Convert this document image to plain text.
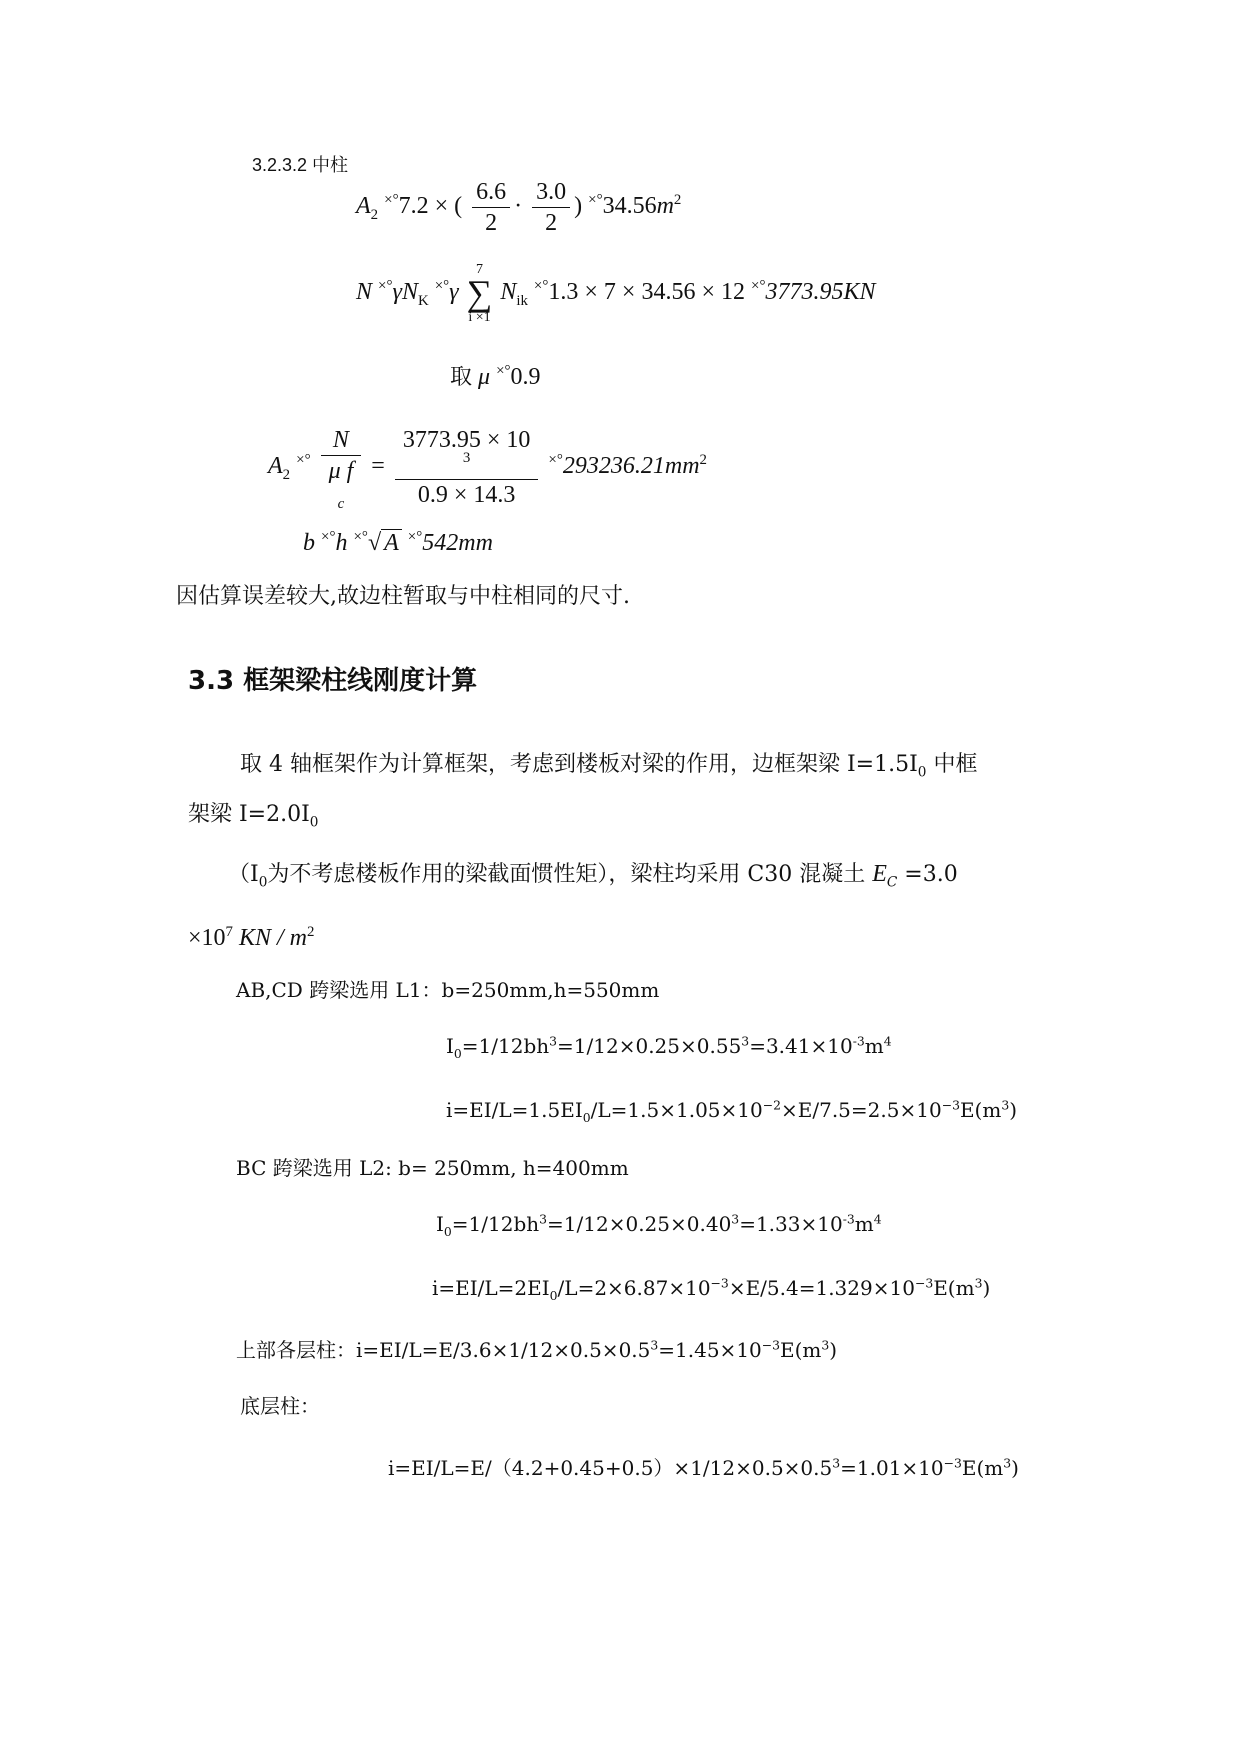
3.2.3.2 中柱
$A_2$ ×°7.2 × ( $\frac{6.6}{2} \cdot \frac{3.0}{2}$ ) $^{\times^\circ}34.56m^2$
N $^{\times^\circ}\gamma N_K$ ×°γ 7
∑
i ×1 $N_{ik}$ ×°1.3 × 7 × 34.56 × 12 ×°3773.95KN
取 μ ×°0.9
$A_2$ ×° N
μ f
$_c$ = 3773.95 × 10
$^3$
0.9 × 14.3 $^{\times^\circ}293236.21mm^2$
b ×°h ×°√ A ×°542mm
因估算误差较大,故边柱暂取与中柱相同的尺寸.
3.3 框架梁柱线刚度计算
取 4 轴框架作为计算框架，考虑到楼板对梁的作用，边框架梁 $I=1.5I_0$ 中框
架梁 $I=2.0I_0$
（$I_0$为不考虑楼板作用的梁截面惯性矩），梁柱均采用 C30 混凝土 $E_C =3.0$
$\times 10^7$ KN / $m^2$
AB,CD 跨梁选用 L1：b=250mm,h=550mm
$I_0=1/12bh^3=1/12\times 0.25\times 0.55^3=3.41\times 10^{-3}m^4$
$i=EI/L=1.5EI_0/L=1.5\times 1.05\times 10^{-2}\times E/7.5=2.5\times 10^{-3}E(m^3)$
BC 跨梁选用 L2: b= 250mm, h=400mm
$I_0=1/12bh^3=1/12\times 0.25\times 0.40^3=1.33\times 10^{-3}m^4$
$i=EI/L=2EI_0/L=2\times 6.87\times 10^{-3}\times E/5.4=1.329\times 10^{-3}E(m^3)$
上部各层柱：$i=EI/L=E/3.6\times 1/12\times 0.5\times 0.5^3=1.45\times 10^{-3}E(m^3)$
底层柱：
$i=EI/L=E/(4.2+0.45+0.5)\times 1/12\times 0.5\times 0.5^3=1.01\times 10^{-3}E(m^3)$
